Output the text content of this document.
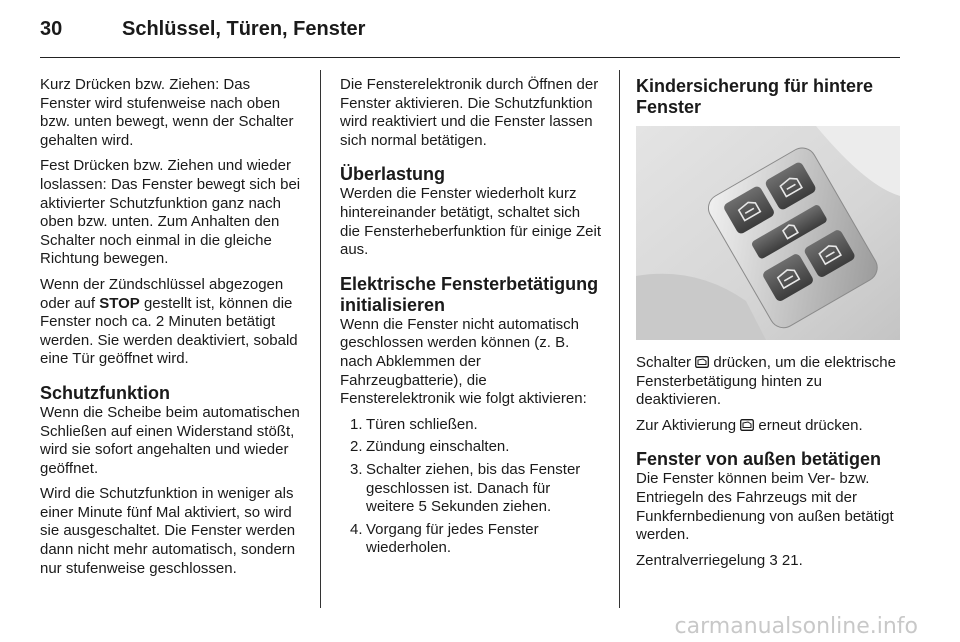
30	Schlüssel, Türen, Fenster

Kurz Drücken bzw. Ziehen: Das Fenster wird stufenweise nach oben bzw. unten bewegt, wenn der Schalter gehalten wird.

Fest Drücken bzw. Ziehen und wieder loslassen: Das Fenster bewegt sich bei aktivierter Schutzfunktion ganz nach oben bzw. unten. Zum Anhalten den Schalter noch einmal in die gleiche Richtung bewegen.

Wenn der Zündschlüssel abgezogen oder auf STOP gestellt ist, können die Fenster noch ca. 2 Minuten betätigt werden. Sie werden deaktiviert, sobald eine Tür geöffnet wird.

Schutzfunktion

Wenn die Scheibe beim automatischen Schließen auf einen Widerstand stößt, wird sie sofort angehalten und wieder geöffnet.

Wird die Schutzfunktion in weniger als einer Minute fünf Mal aktiviert, so wird sie ausgeschaltet. Die Fenster werden dann nicht mehr automatisch, sondern nur stufenweise geschlossen.

Die Fensterelektronik durch Öffnen der Fenster aktivieren. Die Schutzfunktion wird reaktiviert und die Fenster lassen sich normal betätigen.

Überlastung

Werden die Fenster wiederholt kurz hintereinander betätigt, schaltet sich die Fensterheberfunktion für einige Zeit aus.

Elektrische Fensterbetätigung initialisieren

Wenn die Fenster nicht automatisch geschlossen werden können (z. B. nach Abklemmen der Fahrzeugbatterie), die Fensterelektronik wie folgt aktivieren:

1. Türen schließen.
2. Zündung einschalten.
3. Schalter ziehen, bis das Fenster geschlossen ist. Danach für weitere 5 Sekunden ziehen.
4. Vorgang für jedes Fenster wiederholen.
Kindersicherung für hintere Fenster

Schalter  drücken, um die elektrische Fensterbetätigung hinten zu deaktivieren.

Zur Aktivierung  erneut drücken.

Fenster von außen betätigen

Die Fenster können beim Ver- bzw. Entriegeln des Fahrzeugs mit der Funkfernbedienung von außen betätigt werden.

Zentralverriegelung 3 21.

carmanualsonline.info
